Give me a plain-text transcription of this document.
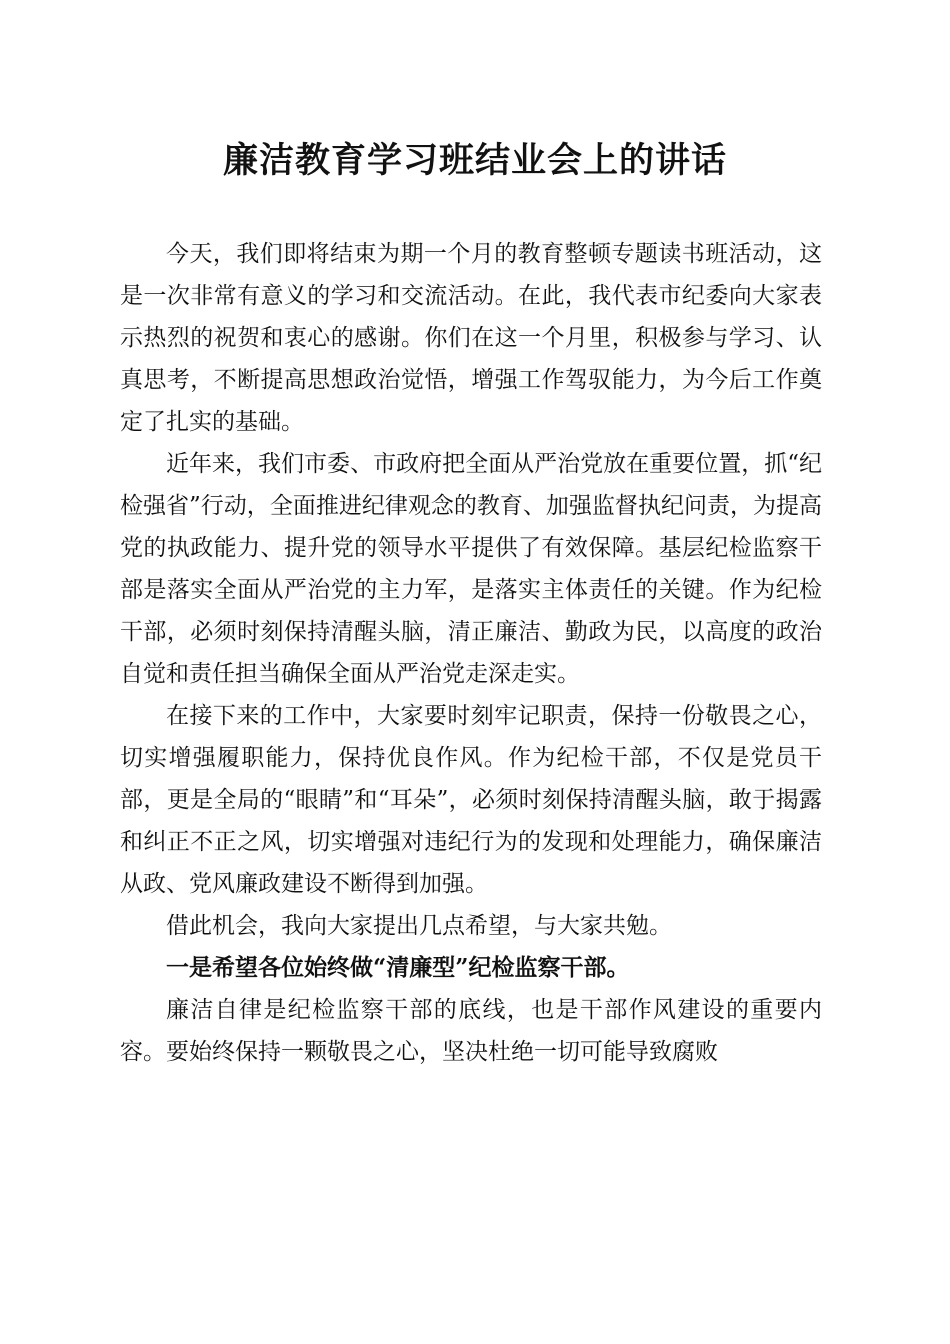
廉洁教育学习班结业会上的讲话

今天，我们即将结束为期一个月的教育整顿专题读书班活动，这是一次非常有意义的学习和交流活动。在此，我代表市纪委向大家表示热烈的祝贺和衷心的感谢。你们在这一个月里，积极参与学习、认真思考，不断提高思想政治觉悟，增强工作驾驭能力，为今后工作奠定了扎实的基础。

近年来，我们市委、市政府把全面从严治党放在重要位置，抓“纪检强省”行动，全面推进纪律观念的教育、加强监督执纪问责，为提高党的执政能力、提升党的领导水平提供了有效保障。基层纪检监察干部是落实全面从严治党的主力军，是落实主体责任的关键。作为纪检干部，必须时刻保持清醒头脑，清正廉洁、勤政为民，以高度的政治自觉和责任担当确保全面从严治党走深走实。

在接下来的工作中，大家要时刻牢记职责，保持一份敬畏之心，切实增强履职能力，保持优良作风。作为纪检干部，不仅是党员干部，更是全局的“眼睛”和“耳朵”，必须时刻保持清醒头脑，敢于揭露和纠正不正之风，切实增强对违纪行为的发现和处理能力，确保廉洁从政、党风廉政建设不断得到加强。

借此机会，我向大家提出几点希望，与大家共勉。

一是希望各位始终做“清廉型”纪检监察干部。

廉洁自律是纪检监察干部的底线，也是干部作风建设的重要内容。要始终保持一颗敬畏之心，坚决杜绝一切可能导致腐败
